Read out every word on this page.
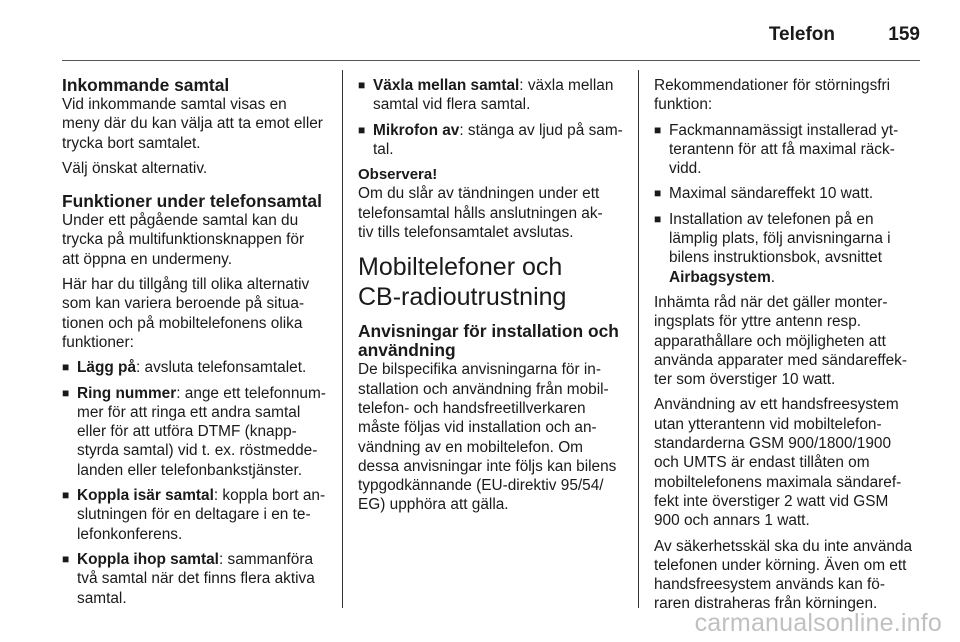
Telefon	159
Inkommande samtal

Vid inkommande samtal visas en
meny där du kan välja att ta emot eller
trycka bort samtalet.

Välj önskat alternativ.

Funktioner under telefonsamtal

Under ett pågående samtal kan du
trycka på multifunktionsknappen för
att öppna en undermeny.

Här har du tillgång till olika alternativ
som kan variera beroende på situa-
tionen och på mobiltelefonens olika
funktioner:

■ Lägg på: avsluta telefonsamtalet.
■ Ring nummer: ange ett telefonnum-
mer för att ringa ett andra samtal
eller för att utföra DTMF (knapp-
styrda samtal) vid t. ex. röstmedde-
landen eller telefonbankstjänster.
■ Koppla isär samtal: koppla bort an-
slutningen för en deltagare i en te-
lefonkonferens.
■ Koppla ihop samtal: sammanföra
två samtal när det finns flera aktiva
samtal.
■ Växla mellan samtal: växla mellan
samtal vid flera samtal.
■ Mikrofon av: stänga av ljud på sam-
tal.
Observera!
Om du slår av tändningen under ett
telefonsamtal hålls anslutningen ak-
tiv tills telefonsamtalet avslutas.
Mobiltelefoner och
CB-radioutrustning
Anvisningar för installation och
användning

De bilspecifika anvisningarna för in-
stallation och användning från mobil-
telefon- och handsfreetillverkaren
måste följas vid installation och an-
vändning av en mobiltelefon. Om
dessa anvisningar inte följs kan bilens
typgodkännande (EU-direktiv 95/54/
EG) upphöra att gälla.

Rekommendationer för störningsfri
funktion:

■ Fackmannamässigt installerad yt-
terantenn för att få maximal räck-
vidd.
■ Maximal sändareffekt 10 watt.
■ Installation av telefonen på en
lämplig plats, följ anvisningarna i
bilens instruktionsbok, avsnittet
Airbagsystem.

Inhämta råd när det gäller monter-
ingsplats för yttre antenn resp.
apparathållare och möjligheten att
använda apparater med sändareffek-
ter som överstiger 10 watt.

Användning av ett handsfreesystem
utan ytterantenn vid mobiltelefon-
standarderna GSM 900/1800/1900
och UMTS är endast tillåten om
mobiltelefonens maximala sändaref-
fekt inte överstiger 2 watt vid GSM
900 och annars 1 watt.

Av säkerhetsskäl ska du inte använda
telefonen under körning. Även om ett
handsfreesystem används kan fö-
raren distraheras från körningen.

carmanualsonline.info
